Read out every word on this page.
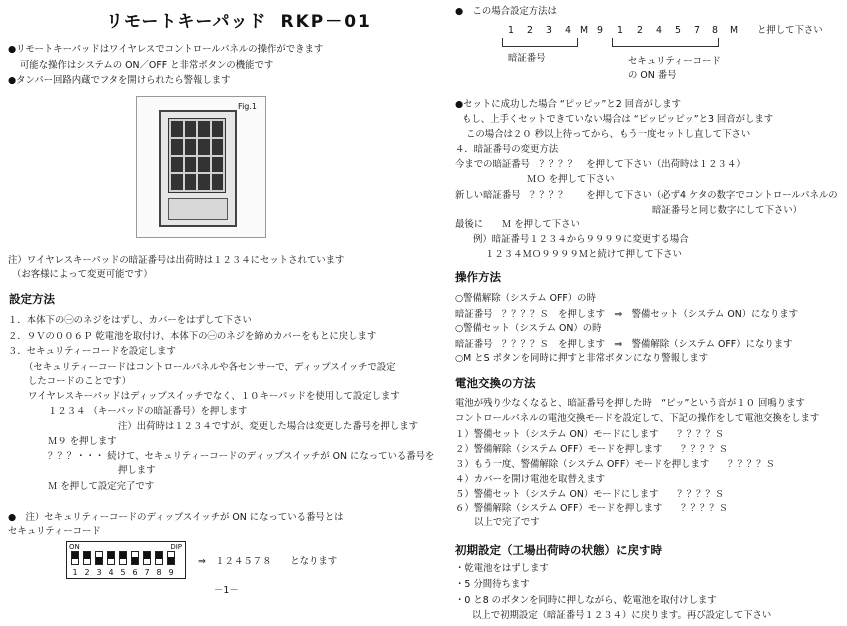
リモートキーパッド RKP－01
●リモートキーパッドはワイヤレスでコントロールパネルの操作ができます
可能な操作はシステムの ON／OFF と非常ボタンの機能です
●タンパー回路内蔵でフタを開けられたら警報します
Fig.1
注）ワイヤレスキーパッドの暗証番号は出荷時は１２３４にセットされています
（お客様によって変更可能です）
設定方法
１．本体下の㊀のネジをはずし、カバーをはずして下さい
２．９Ｖの００６Ｐ 乾電池を取付け、本体下の㊀のネジを締めカバーをもとに戻します
３．セキュリティーコードを設定します
（セキュリティーコードはコントロールパネルや各センサーで、ディップスイッチで設定
したコードのことです）
ワイヤレスキーパッドはディップスイッチでなく、１０キーパッドを使用して設定します
１２３４ （キーパッドの暗証番号）を押します
注）出荷時は１２３４ですが、変更した場合は変更した番号を押します
Ｍ９ を押します
？？？・・・ 続けて、セキュリティーコードのディップスイッチが ON になっている番号を
押します
Ｍ を押して設定完了です
●　注）セキュリティーコードのディップスイッチが ON になっている番号とは
セキュリティーコード
ON	DIP
1 2 3 4 5 6 7 8 9
⇒　１２４５７８　　となります
－1－
●　この場合設定方法は
1 2 3 4 M 9 1 2 4 5 7 8 M と押して下さい
暗証番号	セキュリティーコード
の ON 番号
●セットに成功した場合 “ピッピッ”と2 回音がします
もし、上手くセットできていない場合は “ピッピッピッ”と3 回音がします
この場合は２０ 秒以上待ってから、もう一度セットし直して下さい
４．暗証番号の変更方法
今までの暗証番号　？？？？　を押して下さい（出荷時は１２３４）
ＭＯ を押して下さい
新しい暗証番号　？？？？　　を押して下さい（必ず4 ケタの数字でコントロールパネルの
暗証番号と同じ数字にして下さい）
最後に　　Ｍ を押して下さい
例）暗証番号１２３４から９９９９に変更する場合
１２３４ＭＯ９９９９Ｍと続けて押して下さい
操作方法
○警備解除（システム OFF）の時
暗証番号　？？？？Ｓ　を押します　⇒　警備セット（システム ON）になります
○警備セット（システム ON）の時
暗証番号　？？？？Ｓ　を押します　⇒　警備解除（システム OFF）になります
○M とS ボタンを同時に押すと非常ボタンになり警報します
電池交換の方法
電池が残り少なくなると、暗証番号を押した時　“ピッ”という音が１０ 回鳴ります
コントロールパネルの電池交換モードを設定して、下記の操作をして電池交換をします
１）警備セット（システム ON）モードにします　　？？？？Ｓ
２）警備解除（システム OFF）モードを押します　　？？？？Ｓ
３）もう一度、警備解除（システム OFF）モードを押します　　？？？？Ｓ
４）カバーを開け電池を取替えます
５）警備セット（システム ON）モードにします　　？？？？Ｓ
６）警備解除（システム OFF）モードを押します　　？？？？Ｓ
以上で完了です
初期設定（工場出荷時の状態）に戻す時
・乾電池をはずします
・5 分間待ちます
・0 と8 のボタンを同時に押しながら、乾電池を取付けします
以上で初期設定（暗証番号１２３４）に戻ります。再び設定して下さい
